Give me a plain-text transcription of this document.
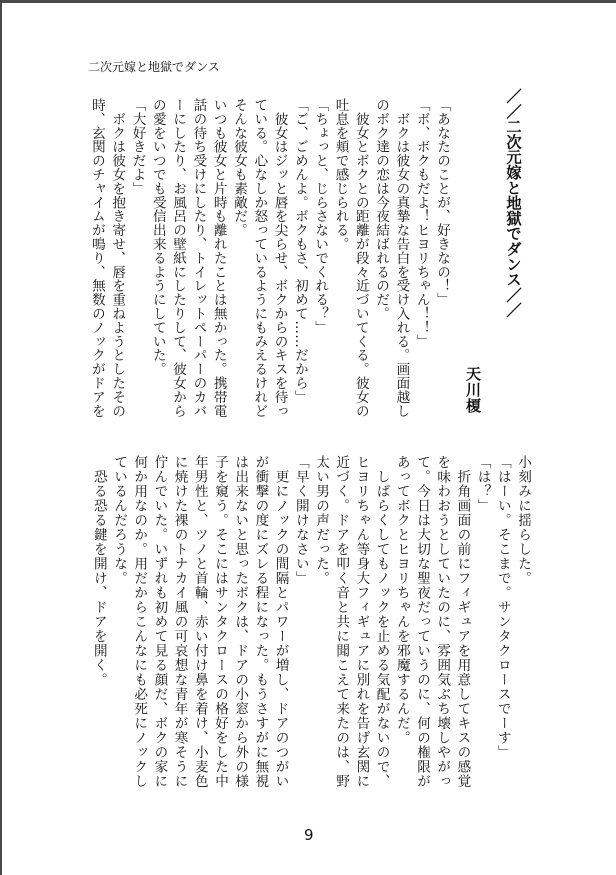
二次元嫁と地獄でダンス
／／二次元嫁と地獄でダンス／／
天川榎
「あなたのことが、好きなの！」
「ボ、ボクもだよ！ヒヨリちゃん！！」
　ボクは彼女の真摯な告白を受け入れる。画面越し
のボク達の恋は今夜結ばれるのだ。
　彼女とボクとの距離が段々近づいてくる。彼女の
吐息を頬で感じられる。
「ちょっと、じらさないでくれる？」
「ご、ごめんよ。ボクもさ、初めて……だから」
　彼女はジッと唇を尖らせ、ボクからのキスを待っ
ている。心なしか怒っているようにもみえるけれど
そんな彼女も素敵だ。
いつも彼女と片時も離れたことは無かった。携帯電
話の待ち受けにしたり、トイレットペーパーのカバ
ーにしたり、お風呂の壁紙にしたりして、彼女から
の愛をいつでも受信出来るようにしていた。
「大好きだよ」
　ボクは彼女を抱き寄せ、唇を重ねようとしたその
時、玄関のチャイムが鳴り、無数のノックがドアを
小刻みに揺らした。
「はーい。そこまで。サンタクロースでーす」
「は？」
　折角画面の前にフィギュアを用意してキスの感覚
を味わおうとしていたのに、雰囲気ぶち壊しやがっ
て。今日は大切な聖夜だっていうのに、何の権限が
あってボクとヒヨリちゃんを邪魔するんだ。
　しばらくしてもノックを止める気配がないので、
ヒヨリちゃん等身大フィギュアに別れを告げ玄関に
近づく。ドアを叩く音と共に聞こえて来たのは、野
太い男の声だった。
「早く開けなさい」
　更にノックの間隔とパワーが増し、ドアのつがい
が衝撃の度にズレる程になった。もうさすがに無視
は出来ないと思ったボクは、ドアの小窓から外の様
子を窺う。そこにはサンタクロースの格好をした中
年男性と、ツノと首輪、赤い付け鼻を着け、小麦色
に焼けた裸のトナカイ風の可哀想な青年が寒そうに
佇んでいた。いずれも初めて見る顔だ、ボクの家に
何か用なのか。用だからこんなにも必死にノックし
ているんだろうな。
　恐る恐る鍵を開け、ドアを開く。
9
